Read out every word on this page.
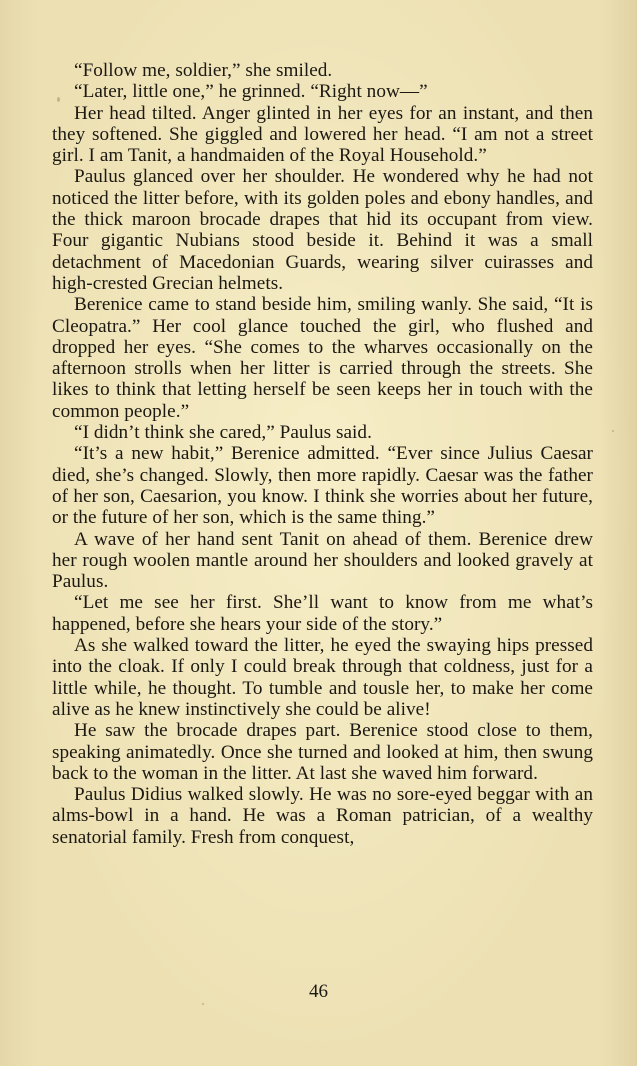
“Follow me, soldier,” she smiled.

“Later, little one,” he grinned. “Right now—”

Her head tilted. Anger glinted in her eyes for an instant, and then they softened. She giggled and lowered her head. “I am not a street girl. I am Tanit, a handmaiden of the Royal Household.”

Paulus glanced over her shoulder. He wondered why he had not noticed the litter before, with its golden poles and ebony handles, and the thick maroon brocade drapes that hid its occupant from view. Four gigantic Nubians stood beside it. Behind it was a small detachment of Macedonian Guards, wearing silver cuirasses and high-crested Grecian helmets.

Berenice came to stand beside him, smiling wanly. She said, “It is Cleopatra.” Her cool glance touched the girl, who flushed and dropped her eyes. “She comes to the wharves occasionally on the afternoon strolls when her litter is carried through the streets. She likes to think that letting herself be seen keeps her in touch with the common people.”

“I didn’t think she cared,” Paulus said.

“It’s a new habit,” Berenice admitted. “Ever since Julius Caesar died, she’s changed. Slowly, then more rapidly. Caesar was the father of her son, Caesarion, you know. I think she worries about her future, or the future of her son, which is the same thing.”

A wave of her hand sent Tanit on ahead of them. Berenice drew her rough woolen mantle around her shoulders and looked gravely at Paulus.

“Let me see her first. She’ll want to know from me what’s happened, before she hears your side of the story.”

As she walked toward the litter, he eyed the swaying hips pressed into the cloak. If only I could break through that coldness, just for a little while, he thought. To tumble and tousle her, to make her come alive as he knew instinctively she could be alive!

He saw the brocade drapes part. Berenice stood close to them, speaking animatedly. Once she turned and looked at him, then swung back to the woman in the litter. At last she waved him forward.

Paulus Didius walked slowly. He was no sore-eyed beggar with an alms-bowl in a hand. He was a Roman patrician, of a wealthy senatorial family. Fresh from conquest,

46
